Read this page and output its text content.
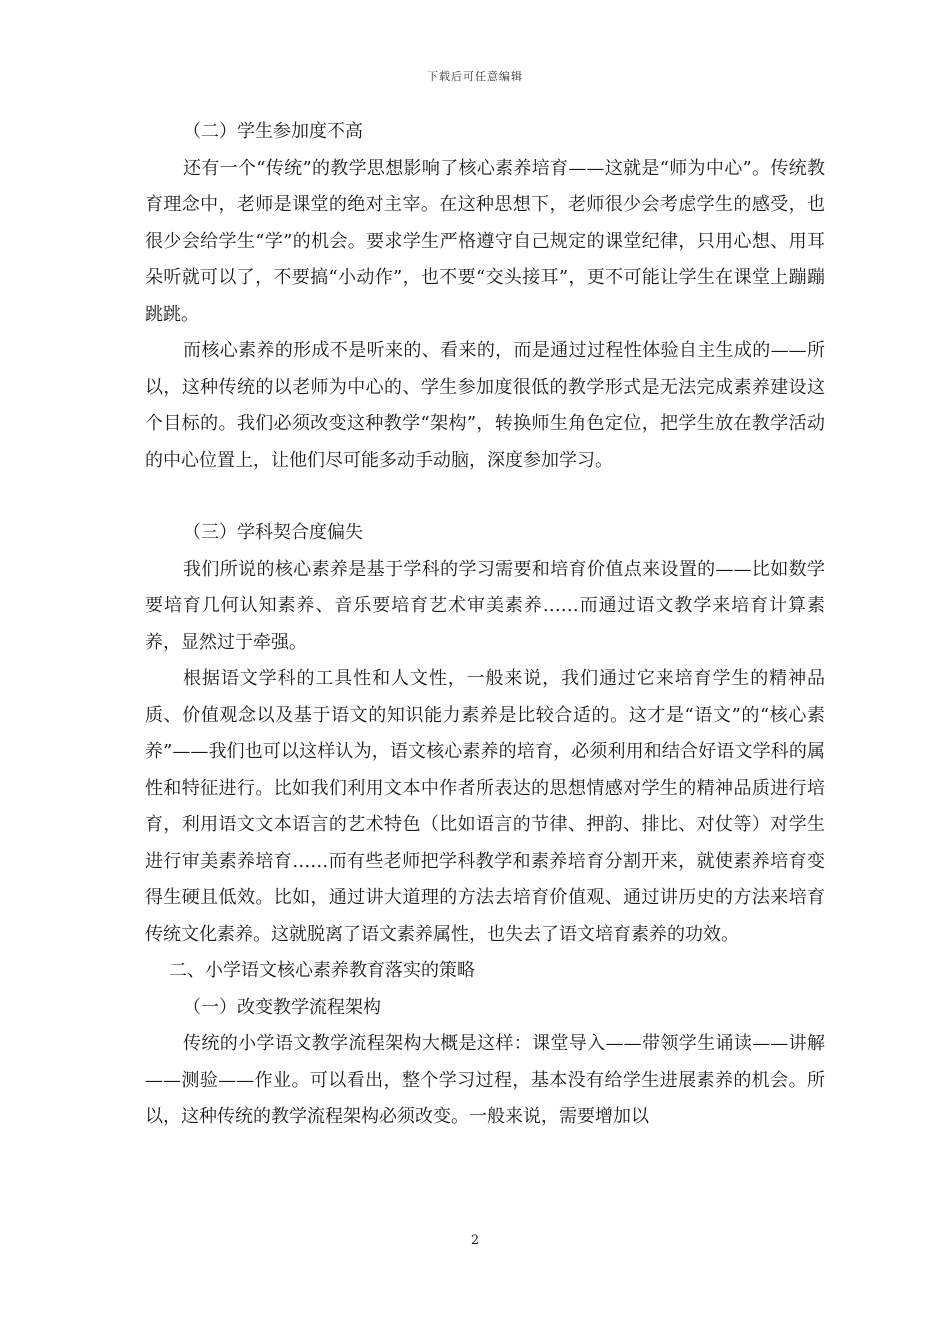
下载后可任意编辑

（二）学生参加度不高

还有一个“传统”的教学思想影响了核心素养培育——这就是“师为中心”。传统教育理念中，老师是课堂的绝对主宰。在这种思想下，老师很少会考虑学生的感受，也很少会给学生“学”的机会。要求学生严格遵守自己规定的课堂纪律，只用心想、用耳朵听就可以了，不要搞“小动作”，也不要“交头接耳”，更不可能让学生在课堂上蹦蹦跳跳。

而核心素养的形成不是听来的、看来的，而是通过过程性体验自主生成的——所以，这种传统的以老师为中心的、学生参加度很低的教学形式是无法完成素养建设这个目标的。我们必须改变这种教学“架构”，转换师生角色定位，把学生放在教学活动的中心位置上，让他们尽可能多动手动脑，深度参加学习。

（三）学科契合度偏失

我们所说的核心素养是基于学科的学习需要和培育价值点来设置的——比如数学要培育几何认知素养、音乐要培育艺术审美素养……而通过语文教学来培育计算素养，显然过于牵强。

根据语文学科的工具性和人文性，一般来说，我们通过它来培育学生的精神品质、价值观念以及基于语文的知识能力素养是比较合适的。这才是“语文”的“核心素养”——我们也可以这样认为，语文核心素养的培育，必须利用和结合好语文学科的属性和特征进行。比如我们利用文本中作者所表达的思想情感对学生的精神品质进行培育，利用语文文本语言的艺术特色（比如语言的节律、押韵、排比、对仗等）对学生进行审美素养培育……而有些老师把学科教学和素养培育分割开来，就使素养培育变得生硬且低效。比如，通过讲大道理的方法去培育价值观、通过讲历史的方法来培育传统文化素养。这就脱离了语文素养属性，也失去了语文培育素养的功效。

二、小学语文核心素养教育落实的策略

（一）改变教学流程架构

传统的小学语文教学流程架构大概是这样：课堂导入——带领学生诵读——讲解——测验——作业。可以看出，整个学习过程，基本没有给学生进展素养的机会。所以，这种传统的教学流程架构必须改变。一般来说，需要增加以

2
